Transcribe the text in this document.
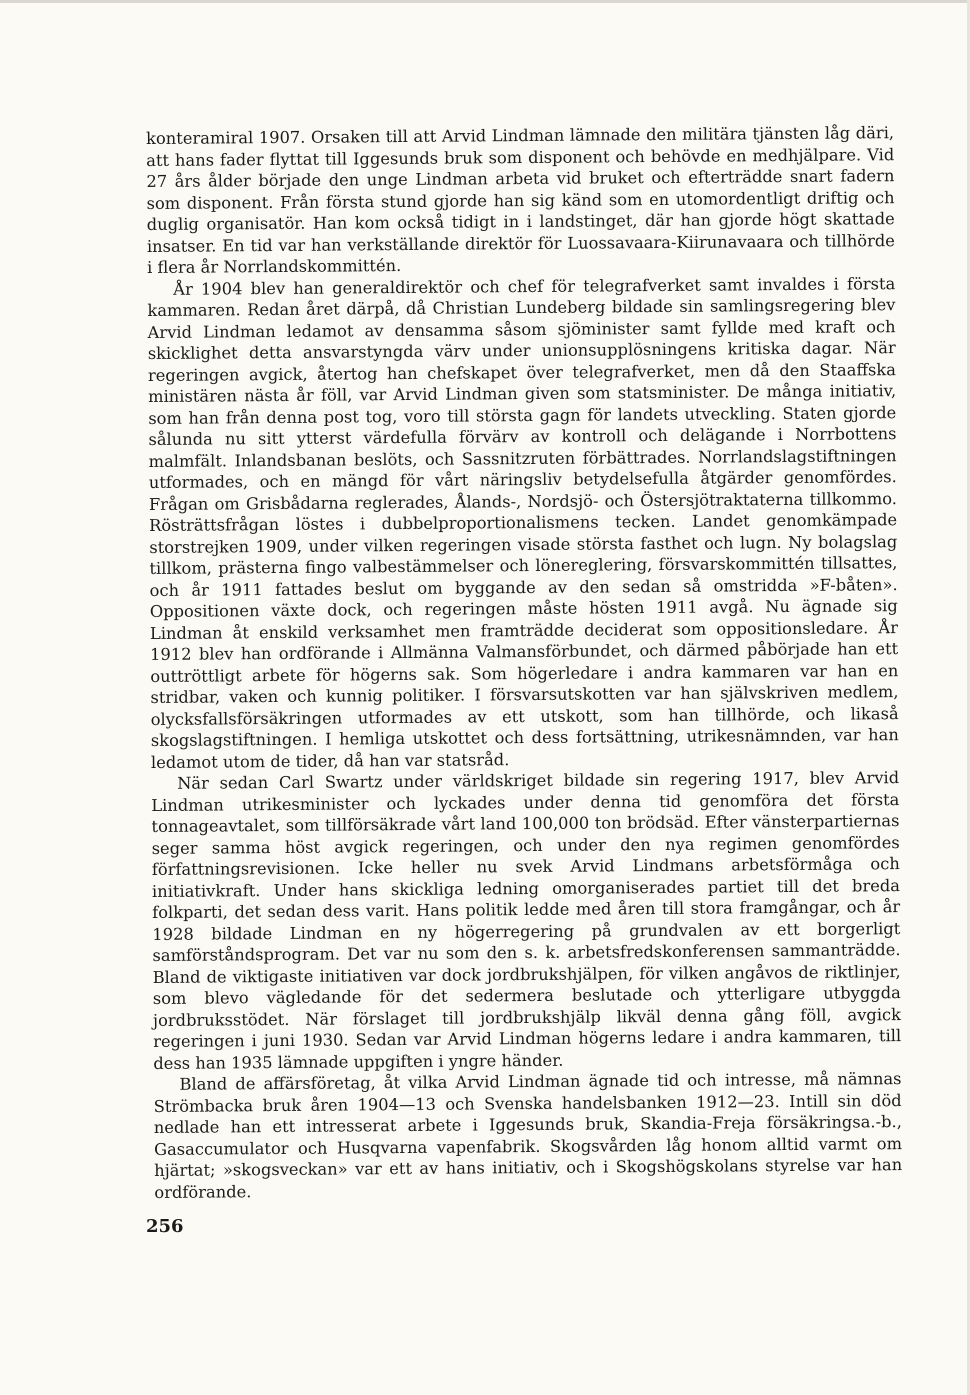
konteramiral 1907. Orsaken till att Arvid Lindman lämnade den militära tjänsten låg däri, att hans fader flyttat till Iggesunds bruk som disponent och behövde en medhjälpare. Vid 27 års ålder började den unge Lindman arbeta vid bruket och efterträdde snart fadern som disponent. Från första stund gjorde han sig känd som en utomordentligt driftig och duglig organisatör. Han kom också tidigt in i landstinget, där han gjorde högt skattade insatser. En tid var han verkställande direktör för Luossavaara-Kiirunavaara och tillhörde i flera år Norrlandskommittén.

År 1904 blev han generaldirektör och chef för telegrafverket samt invaldes i första kammaren. Redan året därpå, då Christian Lundeberg bildade sin samlingsregering blev Arvid Lindman ledamot av densamma såsom sjöminister samt fyllde med kraft och skicklighet detta ansvarstyngda värv under unionsupplösningens kritiska dagar. När regeringen avgick, återtog han chefskapet över telegrafverket, men då den Staaffska ministären nästa år föll, var Arvid Lindman given som statsminister. De många initiativ, som han från denna post tog, voro till största gagn för landets utveckling. Staten gjorde sålunda nu sitt ytterst värdefulla förvärv av kontroll och delägande i Norrbottens malmfält. Inlandsbanan beslöts, och Sassnitzruten förbättrades. Norrlandslagstiftningen utformades, och en mängd för vårt näringsliv betydelsefulla åtgärder genomfördes. Frågan om Grisbådarna reglerades, Ålands-, Nordsjö- och Östersjötraktaterna tillkommo. Rösträttsfrågan löstes i dubbelproportionalismens tecken. Landet genomkämpade storstrejken 1909, under vilken regeringen visade största fasthet och lugn. Ny bolagslag tillkom, prästerna fingo valbestämmelser och lönereglering, försvarskommittén tillsattes, och år 1911 fattades beslut om byggande av den sedan så omstridda »F-båten». Oppositionen växte dock, och regeringen måste hösten 1911 avgå. Nu ägnade sig Lindman åt enskild verksamhet men framträdde deciderat som oppositionsledare. År 1912 blev han ordförande i Allmänna Valmansförbundet, och därmed påbörjade han ett outtröttligt arbete för högerns sak. Som högerledare i andra kammaren var han en stridbar, vaken och kunnig politiker. I försvarsutskotten var han självskriven medlem, olycksfallsförsäkringen utformades av ett utskott, som han tillhörde, och likaså skogslagstiftningen. I hemliga utskottet och dess fortsättning, utrikesnämnden, var han ledamot utom de tider, då han var statsråd.

När sedan Carl Swartz under världskriget bildade sin regering 1917, blev Arvid Lindman utrikesminister och lyckades under denna tid genomföra det första tonnageavtalet, som tillförsäkrade vårt land 100,000 ton brödsäd. Efter vänsterpartiernas seger samma höst avgick regeringen, och under den nya regimen genomfördes författningsrevisionen. Icke heller nu svek Arvid Lindmans arbetsförmåga och initiativkraft. Under hans skickliga ledning omorganiserades partiet till det breda folkparti, det sedan dess varit. Hans politik ledde med åren till stora framgångar, och år 1928 bildade Lindman en ny högerregering på grundvalen av ett borgerligt samförståndsprogram. Det var nu som den s. k. arbetsfredskonferensen sammanträdde. Bland de viktigaste initiativen var dock jordbrukshjälpen, för vilken angåvos de riktlinjer, som blevo vägledande för det sedermera beslutade och ytterligare utbyggda jordbruksstödet. När förslaget till jordbrukshjälp likväl denna gång föll, avgick regeringen i juni 1930. Sedan var Arvid Lindman högerns ledare i andra kammaren, till dess han 1935 lämnade uppgiften i yngre händer.

Bland de affärsföretag, åt vilka Arvid Lindman ägnade tid och intresse, må nämnas Strömbacka bruk åren 1904—13 och Svenska handelsbanken 1912—23. Intill sin död nedlade han ett intresserat arbete i Iggesunds bruk, Skandia-Freja försäkringsa.-b., Gasaccumulator och Husqvarna vapenfabrik. Skogsvården låg honom alltid varmt om hjärtat; »skogsveckan» var ett av hans initiativ, och i Skogshögskolans styrelse var han ordförande.

256
